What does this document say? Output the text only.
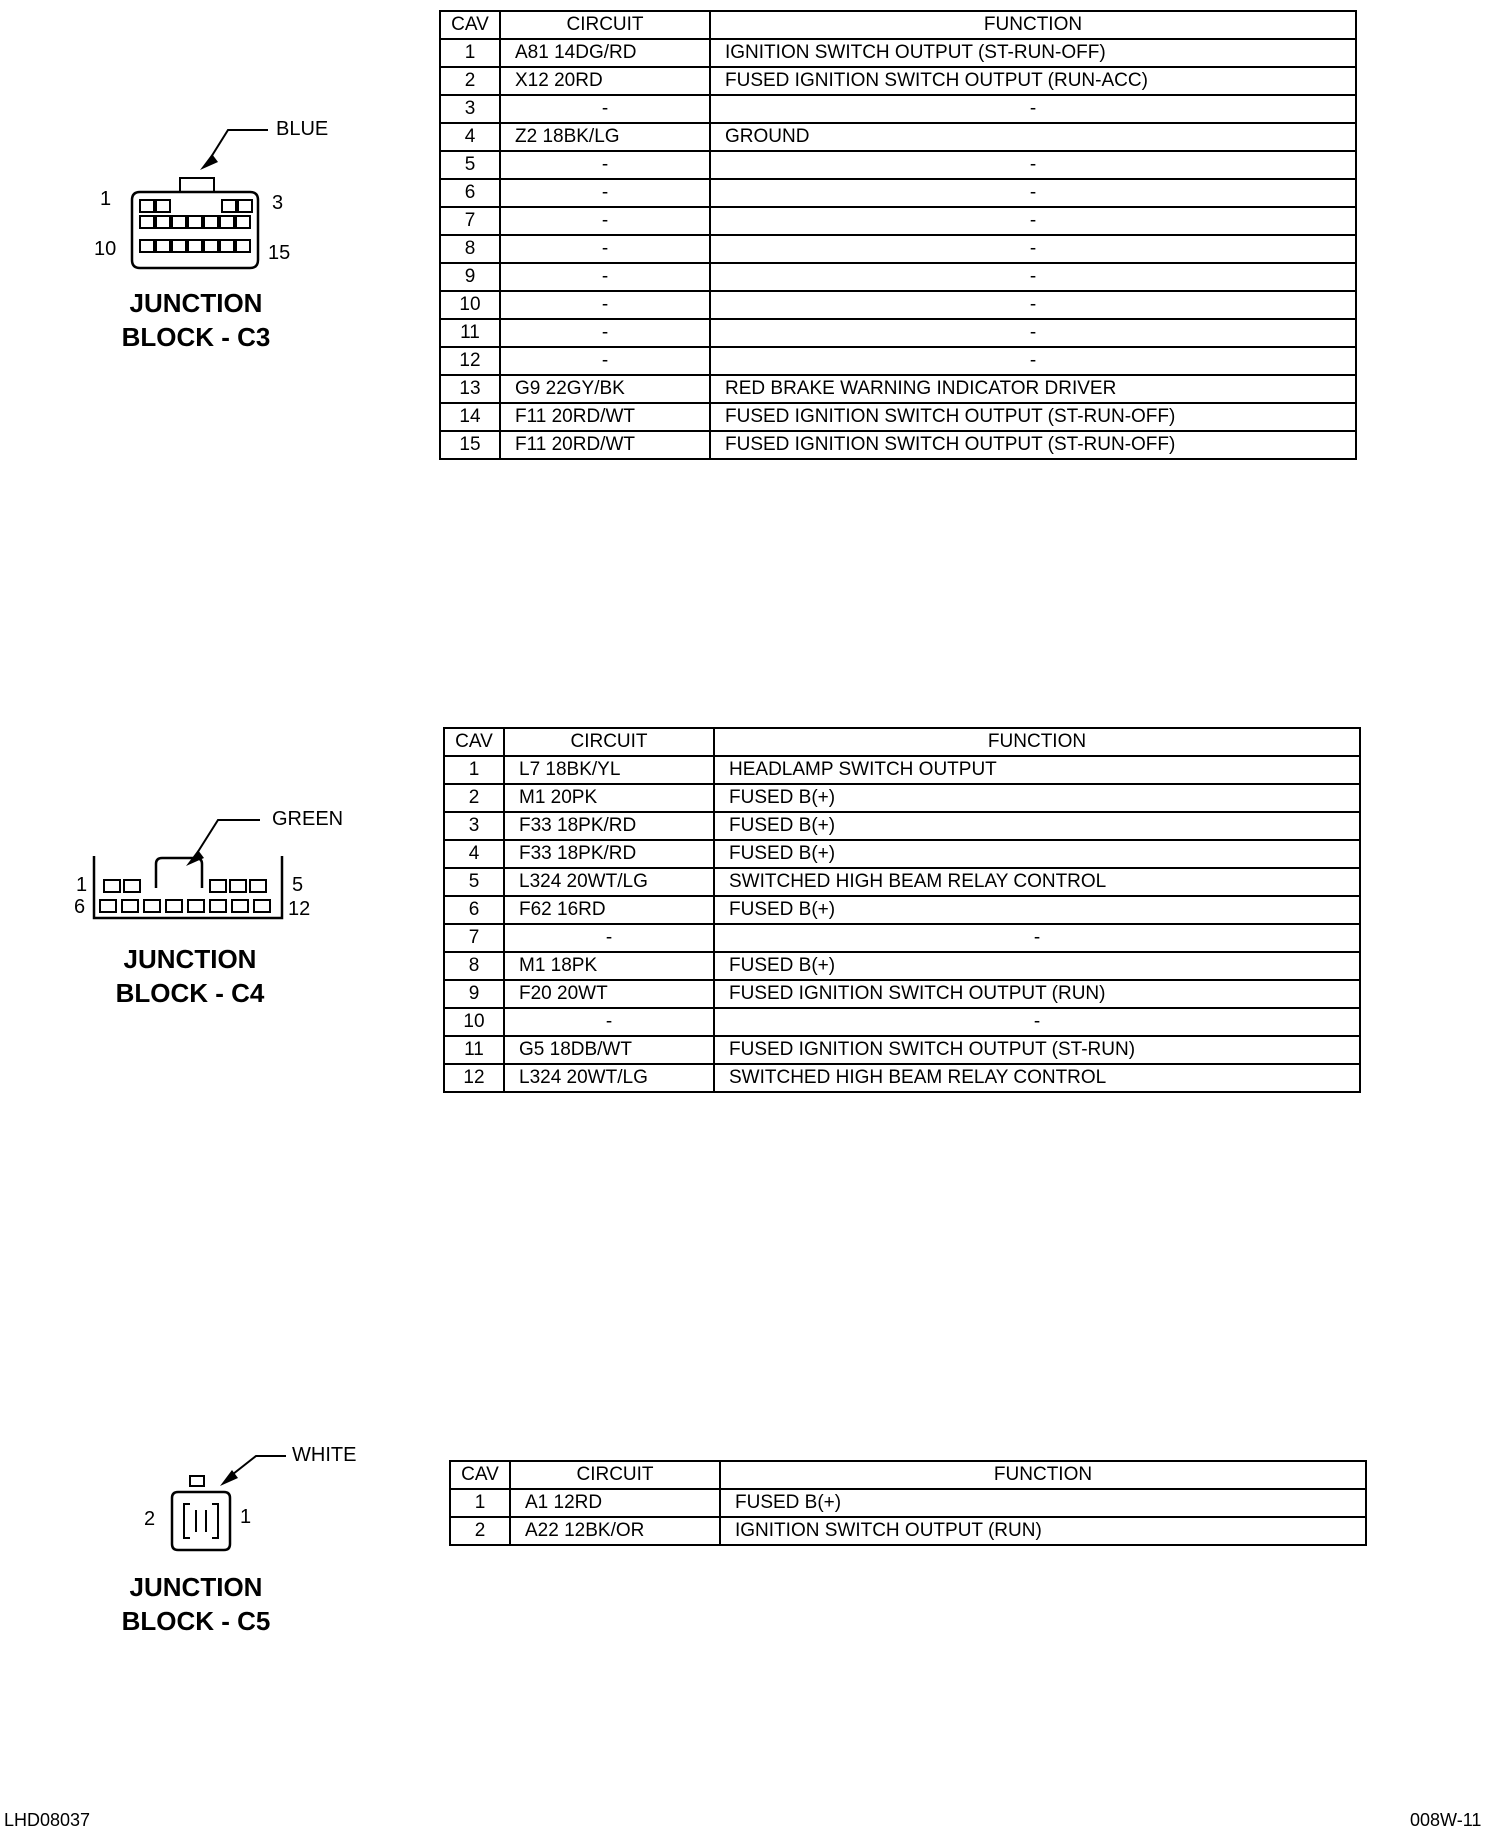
BLUE
1	3
10	15
JUNCTION
BLOCK - C3
CAV	CIRCUIT	FUNCTION
1	A81 14DG/RD	IGNITION SWITCH OUTPUT (ST-RUN-OFF)
2	X12 20RD	FUSED IGNITION SWITCH OUTPUT (RUN-ACC)
3	-	-
4	Z2 18BK/LG	GROUND
5	-	-
6	-	-
7	-	-
8	-	-
9	-	-
10	-	-
11	-	-
12	-	-
13	G9 22GY/BK	RED BRAKE WARNING INDICATOR DRIVER
14	F11 20RD/WT	FUSED IGNITION SWITCH OUTPUT (ST-RUN-OFF)
15	F11 20RD/WT	FUSED IGNITION SWITCH OUTPUT (ST-RUN-OFF)
GREEN
1	5
6	12
JUNCTION
BLOCK - C4
CAV	CIRCUIT	FUNCTION
1	L7 18BK/YL	HEADLAMP SWITCH OUTPUT
2	M1 20PK	FUSED B(+)
3	F33 18PK/RD	FUSED B(+)
4	F33 18PK/RD	FUSED B(+)
5	L324 20WT/LG	SWITCHED HIGH BEAM RELAY CONTROL
6	F62 16RD	FUSED B(+)
7	-	-
8	M1 18PK	FUSED B(+)
9	F20 20WT	FUSED IGNITION SWITCH OUTPUT (RUN)
10	-	-
11	G5 18DB/WT	FUSED IGNITION SWITCH OUTPUT (ST-RUN)
12	L324 20WT/LG	SWITCHED HIGH BEAM RELAY CONTROL
WHITE
2	1
JUNCTION
BLOCK - C5
CAV	CIRCUIT	FUNCTION
1	A1 12RD	FUSED B(+)
2	A22 12BK/OR	IGNITION SWITCH OUTPUT (RUN)
LHD08037	008W-11
